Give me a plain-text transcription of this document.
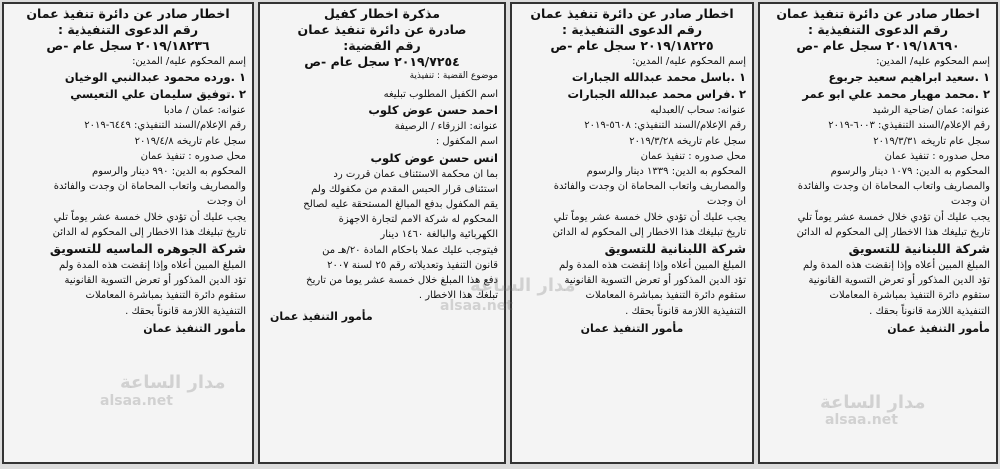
اخطار صادر عن دائرة تنفيذ عمان
رقم الدعوى التنفيذية :
٢٠١٩/١٨٦٩٠ سجل عام -ص
إسم المحكوم عليه/ المدين:
١ .سعيد ابراهيم سعيد جربوع
٢ .محمد مهيار محمد علي ابو عمر
عنوانه: عمان /ضاحية الرشيد
رقم الإعلام/السند التنفيذي: ٦٠٠٣-٢٠١٩
سجل عام تاريخه ٢٠١٩/٣/٣١
محل صدوره : تنفيذ عمان
المحكوم به الدين: ١٠٧٩ دينار والرسوم
والمصاريف واتعاب المحاماة ان وجدت والفائدة
ان وجدت
يجب عليك أن تؤدي خلال خمسة عشر يوماً تلي
تاريخ تبليغك هذا الاخطار إلى المحكوم له الدائن
شركة اللبنانية للتسويق
المبلغ المبين أعلاه وإذا إنقضت هذه المدة ولم
تؤد الدين المذكور أو تعرض التسوية القانونية
ستقوم دائرة التنفيذ بمباشرة المعاملات
التنفيذية اللازمة قانوناً بحقك .
مأمور التنفيذ عمان
اخطار صادر عن دائرة تنفيذ عمان
رقم الدعوى التنفيذية :
٢٠١٩/١٨٢٢٥ سجل عام -ص
إسم المحكوم عليه/ المدين:
١ .باسل محمد عبدالله الجبارات
٢ .فراس محمد عبدالله الجبارات
عنوانه: سحاب /العبدليه
رقم الإعلام/السند التنفيذي: ٥٦٠٨-٢٠١٩
سجل عام تاريخه ٢٠١٩/٣/٢٨
محل صدوره : تنفيذ عمان
المحكوم به الدين: ١٣٣٩ دينار والرسوم
والمصاريف واتعاب المحاماة ان وجدت والفائدة
ان وجدت
يجب عليك أن تؤدي خلال خمسة عشر يوماً تلي
تاريخ تبليغك هذا الاخطار إلى المحكوم له الدائن
شركة اللبنانية للتسويق
المبلغ المبين أعلاه وإذا إنقضت هذه المدة ولم
تؤد الدين المذكور أو تعرض التسوية القانونية
ستقوم دائرة التنفيذ بمباشرة المعاملات
التنفيذية اللازمة قانوناً بحقك .
مأمور التنفيذ عمان
مذكرة اخطار كفيل
صادرة عن دائرة تنفيذ عمان
رقم القضية:
٢٠١٩/٧٢٥٤ سجل عام -ص
موضوع القضية : تنفيذية
اسم الكفيل المطلوب تبليغه
احمد حسن عوض كلوب
عنوانه: الزرقاء / الرصيفة
اسم المكفول :
انس حسن عوض كلوب
بما ان محكمة الاستئناف عمان قررت رد
استئناف قرار الحبس المقدم من مكفولك ولم
يقم المكفول بدفع المبالغ المستحقة عليه لصالح
المحكوم له شركة الامم لتجارة الاجهزة
الكهربائية والبالغة ١٤٦٠ دينار
فيتوجب عليك عملا باحكام المادة ٢٠/هـ من
قانون التنفيذ وتعديلاته رقم ٢٥ لسنة ٢٠٠٧
دفع هذا المبلغ خلال خمسة عشر يوما من تاريخ
تبلغك هذا الاخطار .
مأمور التنفيذ عمان
اخطار صادر عن دائرة تنفيذ عمان
رقم الدعوى التنفيذية :
٢٠١٩/١٨٢٣٦ سجل عام -ص
إسم المحكوم عليه/ المدين:
١ .ورده محمود عبدالنبي الوخيان
٢ .توفيق سليمان علي التعيسي
عنوانه: عمان / مادبا
رقم الإعلام/السند التنفيذي: ٦٤٤٩-٢٠١٩
سجل عام تاريخه ٢٠١٩/٤/٨
محل صدوره : تنفيذ عمان
المحكوم به الدين: ٩٩٠ دينار والرسوم
والمصاريف واتعاب المحاماة ان وجدت والفائدة
ان وجدت
يجب عليك أن تؤدي خلال خمسة عشر يوماً تلي
تاريخ تبليغك هذا الاخطار إلى المحكوم له الدائن
شركة الجوهره الماسيه للتسويق
المبلغ المبين أعلاه وإذا إنقضت هذه المدة ولم
تؤد الدين المذكور أو تعرض التسوية القانونية
ستقوم دائرة التنفيذ بمباشرة المعاملات
التنفيذية اللازمة قانوناً بحقك .
مأمور التنفيذ عمان
مدار الساعة
alsaa.net
مدار الساعة
alsaa.net	مدار الساعة
alsaa.net
